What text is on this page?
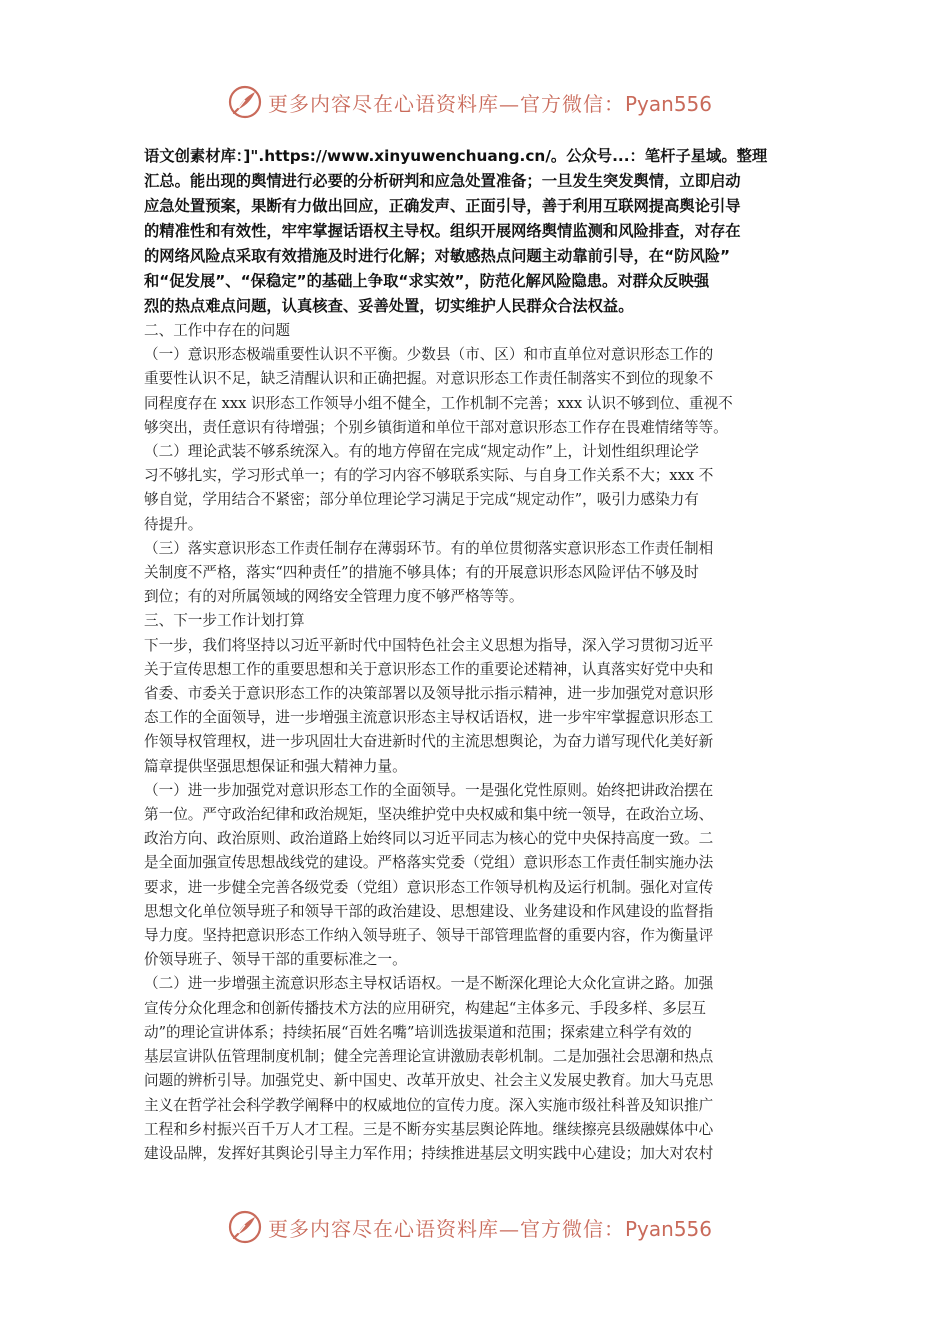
更多内容尽在心语资料库—官方微信：Pyan556

语文创素材库：]".https://www.xinyuwenchuang.cn/。公众号...：笔杆子星域。整理

汇总。能出现的舆情进行必要的分析研判和应急处置准备；一旦发生突发舆情，立即启动

应急处置预案，果断有力做出回应，正确发声、正面引导，善于利用互联网提高舆论引导

的精准性和有效性，牢牢掌握话语权主导权。组织开展网络舆情监测和风险排查，对存在

的网络风险点采取有效措施及时进行化解；对敏感热点问题主动靠前引导，在“防风险”

和“促发展”、“保稳定”的基础上争取“求实效”，防范化解风险隐患。对群众反映强

烈的热点难点问题，认真核查、妥善处置，切实维护人民群众合法权益。

二、工作中存在的问题

（一）意识形态极端重要性认识不平衡。少数县（市、区）和市直单位对意识形态工作的

重要性认识不足，缺乏清醒认识和正确把握。对意识形态工作责任制落实不到位的现象不

同程度存在 xxx 识形态工作领导小组不健全，工作机制不完善；xxx 认识不够到位、重视不

够突出，责任意识有待增强；个别乡镇街道和单位干部对意识形态工作存在畏难情绪等等。

（二）理论武装不够系统深入。有的地方停留在完成“规定动作”上，计划性组织理论学

习不够扎实，学习形式单一；有的学习内容不够联系实际、与自身工作关系不大；xxx 不

够自觉，学用结合不紧密；部分单位理论学习满足于完成“规定动作”，吸引力感染力有

待提升。

（三）落实意识形态工作责任制存在薄弱环节。有的单位贯彻落实意识形态工作责任制相

关制度不严格，落实“四种责任”的措施不够具体；有的开展意识形态风险评估不够及时

到位；有的对所属领域的网络安全管理力度不够严格等等。

三、下一步工作计划打算

下一步，我们将坚持以习近平新时代中国特色社会主义思想为指导，深入学习贯彻习近平

关于宣传思想工作的重要思想和关于意识形态工作的重要论述精神，认真落实好党中央和

省委、市委关于意识形态工作的决策部署以及领导批示指示精神，进一步加强党对意识形

态工作的全面领导，进一步増强主流意识形态主导权话语权，进一步牢牢掌握意识形态工

作领导权管理权，进一步巩固壮大奋进新时代的主流思想舆论，为奋力谱写现代化美好新

篇章提供坚强思想保证和强大精神力量。

（一）进一步加强党对意识形态工作的全面领导。一是强化党性原则。始终把讲政治摆在

第一位。严守政治纪律和政治规矩，坚决维护党中央权威和集中统一领导，在政治立场、

政治方向、政治原则、政治道路上始终同以习近平同志为核心的党中央保持高度一致。二

是全面加强宣传思想战线党的建设。严格落实党委（党组）意识形态工作责任制实施办法

要求，进一步健全完善各级党委（党组）意识形态工作领导机构及运行机制。强化对宣传

思想文化单位领导班子和领导干部的政治建设、思想建设、业务建设和作风建设的监督指

导力度。坚持把意识形态工作纳入领导班子、领导干部管理监督的重要内容，作为衡量评

价领导班子、领导干部的重要标准之一。

（二）进一步增强主流意识形态主导权话语权。一是不断深化理论大众化宣讲之路。加强

宣传分众化理念和创新传播技术方法的应用研究，构建起“主体多元、手段多样、多层互

动”的理论宣讲体系；持续拓展“百姓名嘴”培训选拔渠道和范围；探索建立科学有效的

基层宣讲队伍管理制度机制；健全完善理论宣讲激励表彰机制。二是加强社会思潮和热点

问题的辨析引导。加强党史、新中国史、改革开放史、社会主义发展史教育。加大马克思

主义在哲学社会科学教学阐释中的权威地位的宣传力度。深入实施市级社科普及知识推广

工程和乡村振兴百千万人才工程。三是不断夯实基层舆论阵地。继续擦亮县级融媒体中心

建设品牌，发挥好其舆论引导主力军作用；持续推进基层文明实践中心建设；加大对农村

更多内容尽在心语资料库—官方微信：Pyan556
